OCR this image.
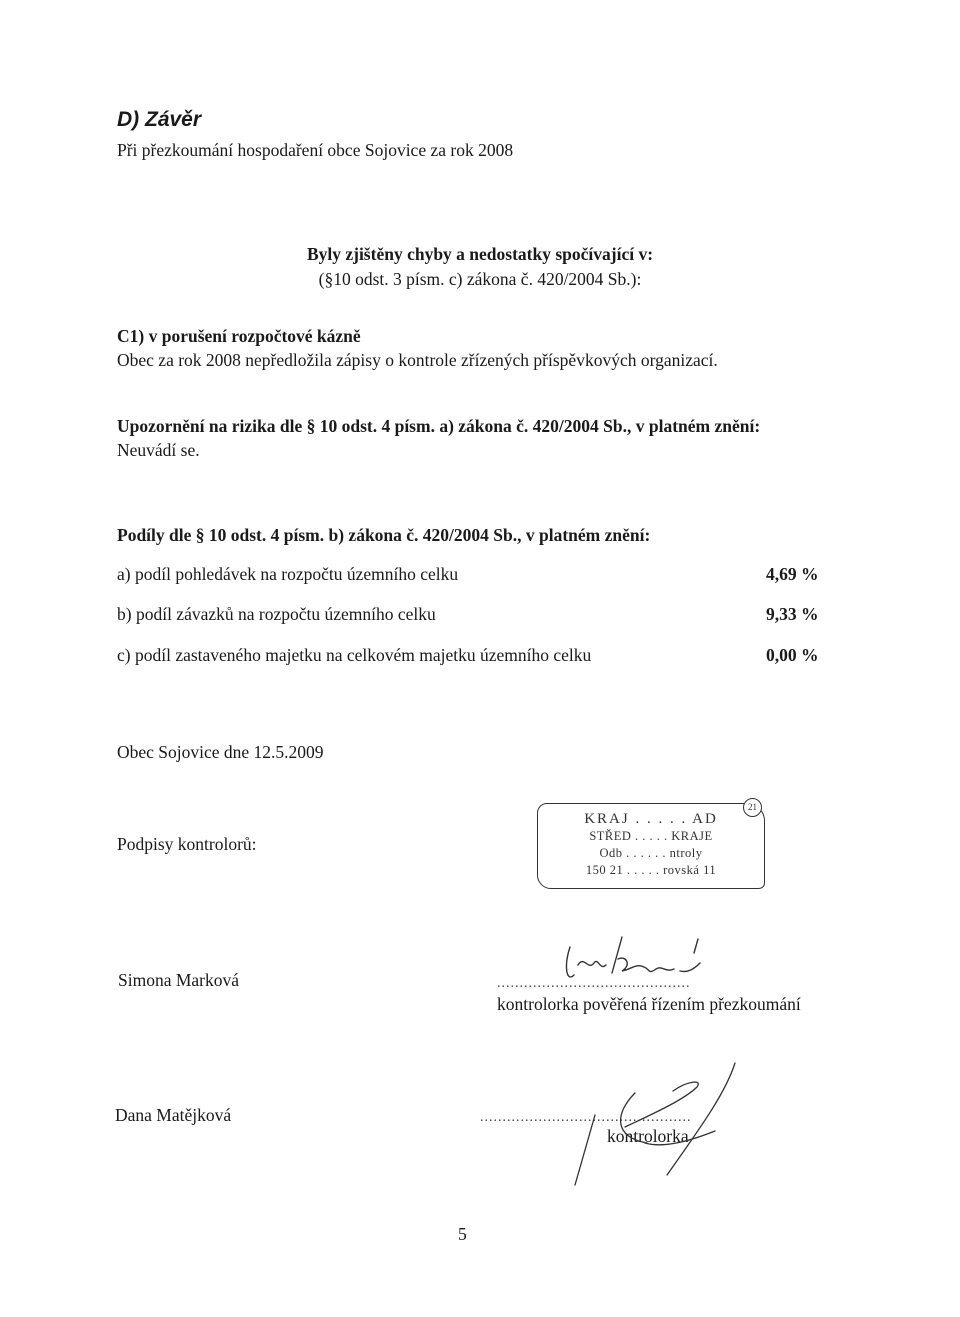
D) Závěr
Při přezkoumání hospodaření obce Sojovice za rok 2008
Byly zjištěny chyby a nedostatky spočívající v:
(§10 odst. 3 písm. c) zákona č. 420/2004 Sb.):
C1) v porušení rozpočtové kázně
Obec za rok 2008 nepředložila zápisy o kontrole zřízených příspěvkových organizací.
Upozornění na rizika dle § 10 odst. 4 písm. a) zákona č. 420/2004 Sb., v platném znění:
Neuvádí se.
Podíly dle § 10 odst. 4 písm. b) zákona č. 420/2004 Sb., v platném znění:
a) podíl pohledávek na rozpočtu územního celku	4,69 %
b) podíl závazků na rozpočtu územního celku	9,33 %
c) podíl zastaveného majetku na celkovém majetku územního celku	0,00 %
Obec Sojovice dne 12.5.2009
Podpisy kontrolorů:
21
KRAJ . . . . . AD
STŘED . . . . . KRAJE
Odb . . . . . . ntroly
150 21 . . . . . rovská 11
Simona Marková	...........................................
kontrolorka pověřená řízením přezkoumání
Dana Matějková	...............................................
kontrolorka
5
